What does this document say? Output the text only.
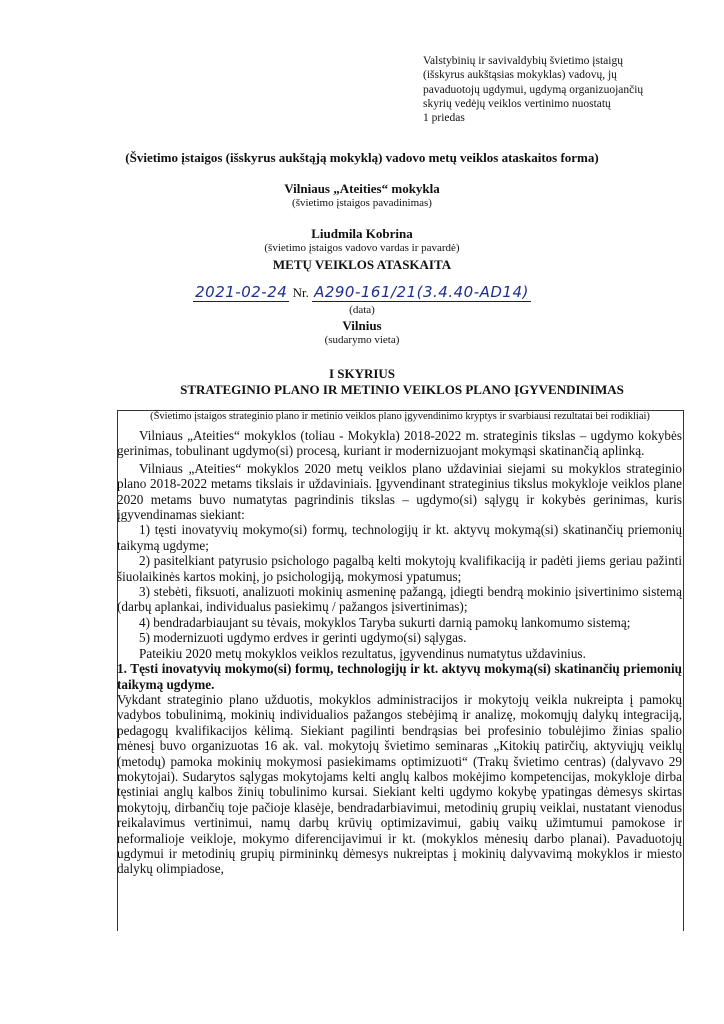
Valstybinių ir savivaldybių švietimo įstaigų
(išskyrus aukštąsias mokyklas) vadovų, jų
pavaduotojų ugdymui, ugdymą organizuojančių
skyrių vedėjų veiklos vertinimo nuostatų
1 priedas
(Švietimo įstaigos (išskyrus aukštąją mokyklą) vadovo metų veiklos ataskaitos forma)
Vilniaus „Ateities“ mokykla
(švietimo įstaigos pavadinimas)
Liudmila Kobrina
(švietimo įstaigos vadovo vardas ir pavardė)
METŲ VEIKLOS ATASKAITA
2021-02-24 Nr. A290-161/21(3.4.40-AD14)
(data)
Vilnius
(sudarymo vieta)
I SKYRIUS
STRATEGINIO PLANO IR METINIO VEIKLOS PLANO ĮGYVENDINIMAS
(Švietimo įstaigos strateginio plano ir metinio veiklos plano įgyvendinimo kryptys ir svarbiausi rezultatai bei rodikliai)

Vilniaus „Ateities“ mokyklos (toliau - Mokykla) 2018-2022 m. strateginis tikslas – ugdymo kokybės gerinimas, tobulinant ugdymo(si) procesą, kuriant ir modernizuojant mokymąsi skatinančią aplinką.

Vilniaus „Ateities“ mokyklos 2020 metų veiklos plano uždaviniai siejami su mokyklos strateginio plano 2018-2022 metams tikslais ir uždaviniais. Įgyvendinant strateginius tikslus mokykloje veiklos plane 2020 metams buvo numatytas pagrindinis tikslas – ugdymo(si) sąlygų ir kokybės gerinimas, kuris įgyvendinamas siekiant:

1) tęsti inovatyvių mokymo(si) formų, technologijų ir kt. aktyvų mokymą(si) skatinančių priemonių taikymą ugdyme;

2) pasitelkiant patyrusio psichologo pagalbą kelti mokytojų kvalifikaciją ir padėti jiems geriau pažinti šiuolaikinės kartos mokinį, jo psichologiją, mokymosi ypatumus;

3) stebėti, fiksuoti, analizuoti mokinių asmeninę pažangą, įdiegti bendrą mokinio įsivertinimo sistemą (darbų aplankai, individualus pasiekimų / pažangos įsivertinimas);

4) bendradarbiaujant su tėvais, mokyklos Taryba sukurti darnią pamokų lankomumo sistemą;

5) modernizuoti ugdymo erdves ir gerinti ugdymo(si) sąlygas.

Pateikiu 2020 metų mokyklos veiklos rezultatus, įgyvendinus numatytus uždavinius.

1. Tęsti inovatyvių mokymo(si) formų, technologijų ir kt. aktyvų mokymą(si) skatinančių priemonių taikymą ugdyme.

Vykdant strateginio plano užduotis, mokyklos administracijos ir mokytojų veikla nukreipta į pamokų vadybos tobulinimą, mokinių individualios pažangos stebėjimą ir analizę, mokomųjų dalykų integraciją, pedagogų kvalifikacijos kėlimą. Siekiant pagilinti bendrąsias bei profesinio tobulėjimo žinias spalio mėnesį buvo organizuotas 16 ak. val. mokytojų švietimo seminaras „Kitokių patirčių, aktyviųjų veiklų (metodų) pamoka mokinių mokymosi pasiekimams optimizuoti“ (Trakų švietimo centras) (dalyvavo 29 mokytojai). Sudarytos sąlygas mokytojams kelti anglų kalbos mokėjimo kompetencijas, mokykloje dirba tęstiniai anglų kalbos žinių tobulinimo kursai. Siekiant kelti ugdymo kokybę ypatingas dėmesys skirtas mokytojų, dirbančių toje pačioje klasėje, bendradarbiavimui, metodinių grupių veiklai, nustatant vienodus reikalavimus vertinimui, namų darbų krūvių optimizavimui, gabių vaikų užimtumui pamokose ir neformalioje veikloje, mokymo diferencijavimui ir kt. (mokyklos mėnesių darbo planai). Pavaduotojų ugdymui ir metodinių grupių pirmininkų dėmesys nukreiptas į mokinių dalyvavimą mokyklos ir miesto dalykų olimpiadose,
